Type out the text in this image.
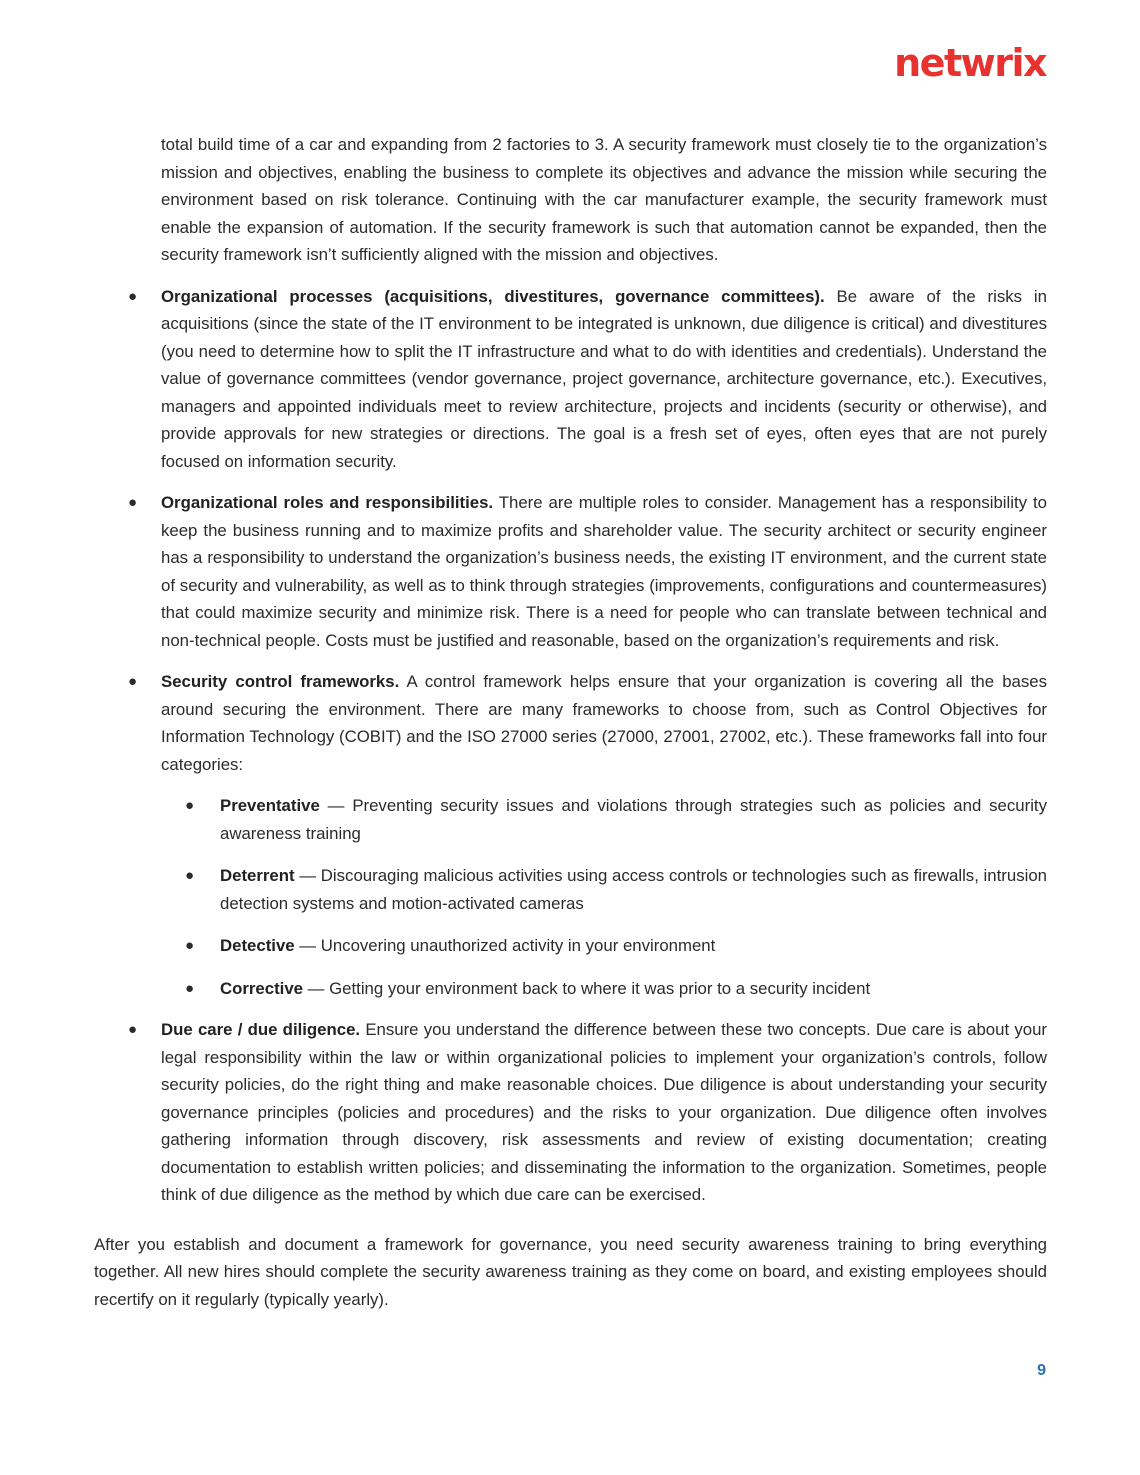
netwrix

total build time of a car and expanding from 2 factories to 3. A security framework must closely tie to the organization’s mission and objectives, enabling the business to complete its objectives and advance the mission while securing the environment based on risk tolerance. Continuing with the car manufacturer example, the security framework must enable the expansion of automation. If the security framework is such that automation cannot be expanded, then the security framework isn’t sufficiently aligned with the mission and objectives.

● Organizational processes (acquisitions, divestitures, governance committees). Be aware of the risks in acquisitions (since the state of the IT environment to be integrated is unknown, due diligence is critical) and divestitures (you need to determine how to split the IT infrastructure and what to do with identities and credentials). Understand the value of governance committees (vendor governance, project governance, architecture governance, etc.). Executives, managers and appointed individuals meet to review architecture, projects and incidents (security or otherwise), and provide approvals for new strategies or directions. The goal is a fresh set of eyes, often eyes that are not purely focused on information security.
● Organizational roles and responsibilities. There are multiple roles to consider. Management has a responsibility to keep the business running and to maximize profits and shareholder value. The security architect or security engineer has a responsibility to understand the organization’s business needs, the existing IT environment, and the current state of security and vulnerability, as well as to think through strategies (improvements, configurations and countermeasures) that could maximize security and minimize risk. There is a need for people who can translate between technical and non-technical people. Costs must be justified and reasonable, based on the organization’s requirements and risk.
● Security control frameworks. A control framework helps ensure that your organization is covering all the bases around securing the environment. There are many frameworks to choose from, such as Control Objectives for Information Technology (COBIT) and the ISO 27000 series (27000, 27001, 27002, etc.). These frameworks fall into four categories:
● Preventative — Preventing security issues and violations through strategies such as policies and security awareness training
● Deterrent — Discouraging malicious activities using access controls or technologies such as firewalls, intrusion detection systems and motion-activated cameras
● Detective — Uncovering unauthorized activity in your environment
● Corrective — Getting your environment back to where it was prior to a security incident
● Due care / due diligence. Ensure you understand the difference between these two concepts. Due care is about your legal responsibility within the law or within organizational policies to implement your organization’s controls, follow security policies, do the right thing and make reasonable choices. Due diligence is about understanding your security governance principles (policies and procedures) and the risks to your organization. Due diligence often involves gathering information through discovery, risk assessments and review of existing documentation; creating documentation to establish written policies; and disseminating the information to the organization. Sometimes, people think of due diligence as the method by which due care can be exercised.

After you establish and document a framework for governance, you need security awareness training to bring everything together. All new hires should complete the security awareness training as they come on board, and existing employees should recertify on it regularly (typically yearly).

9
